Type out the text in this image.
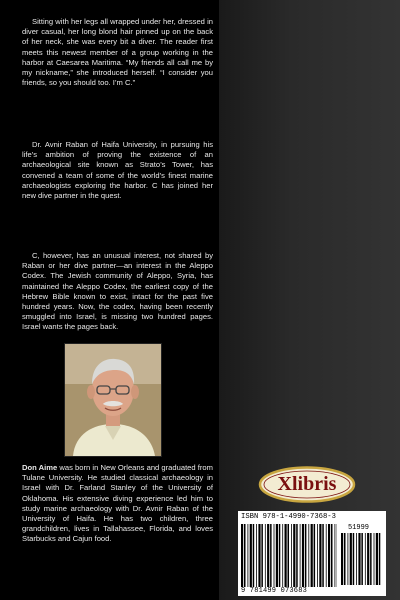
Sitting with her legs all wrapped under her, dressed in diver casual, her long blond hair pinned up on the back of her neck, she was every bit a diver. The reader first meets this newest member of a group working in the harbor at Caesarea Maritima. “My friends all call me by my nickname,” she introduced herself. “I consider you friends, so you should too. I’m C.”

Dr. Avnir Raban of Haifa University, in pursuing his life’s ambition of proving the existence of an archaeological site known as Strato’s Tower, has convened a team of some of the world’s finest marine archaeologists exploring the harbor. C has joined her new dive partner in the quest.

C, however, has an unusual interest, not shared by Raban or her dive partner—an interest in the Aleppo Codex. The Jewish community of Aleppo, Syria, has maintained the Aleppo Codex, the earliest copy of the Hebrew Bible known to exist, intact for the past five hundred years. Now, the codex, having been recently smuggled into Israel, is missing two hundred pages. Israel wants the pages back.

Don Aime was born in New Orleans and graduated from Tulane University. He studied classical archaeology in Israel with Dr. Farland Stanley of the University of Oklahoma. His extensive diving experience led him to study marine archaeology with Dr. Avnir Raban of the University of Haifa. He has two children, three grandchildren, lives in Tallahassee, Florida, and loves Starbucks and Cajun food.
Xlibris
ISBN 978-1-4990-7368-3
51999
9 781499 073683
